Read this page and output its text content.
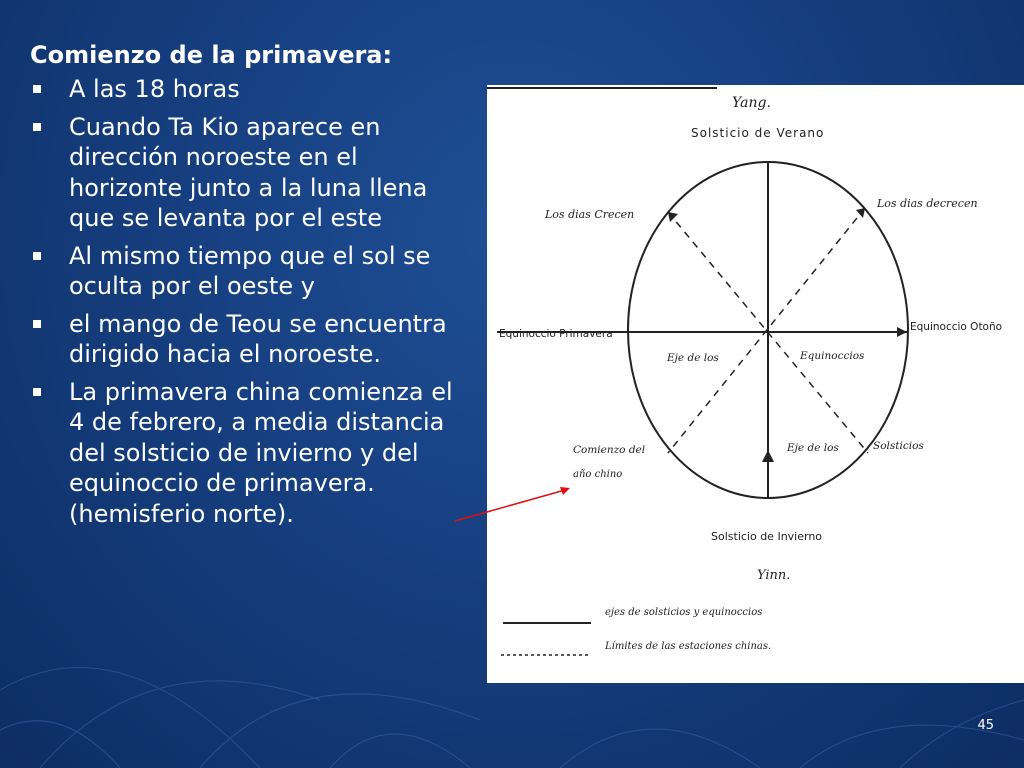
Comienzo de la primavera:
A las 18 horas
Cuando Ta Kio aparece en dirección noroeste en el horizonte junto a la luna llena que se levanta por el este
Al mismo tiempo que el sol se oculta por el oeste y
el mango de Teou se encuentra dirigido hacia el noroeste.
La primavera china comienza el 4 de febrero, a media distancia del solsticio de invierno y del equinoccio de primavera. (hemisferio norte).
Yang.
Solsticio de Verano
Los dias Crecen
Los dias decrecen
Equinoccio Primavera
Equinoccio Otoño
Eje de los	Equinoccios
Comienzo del
año chino
Eje de los	Solsticios
Solsticio de Invierno
Yinn.
ejes de solsticios y equinoccios
Límites de las estaciones chinas.
45
